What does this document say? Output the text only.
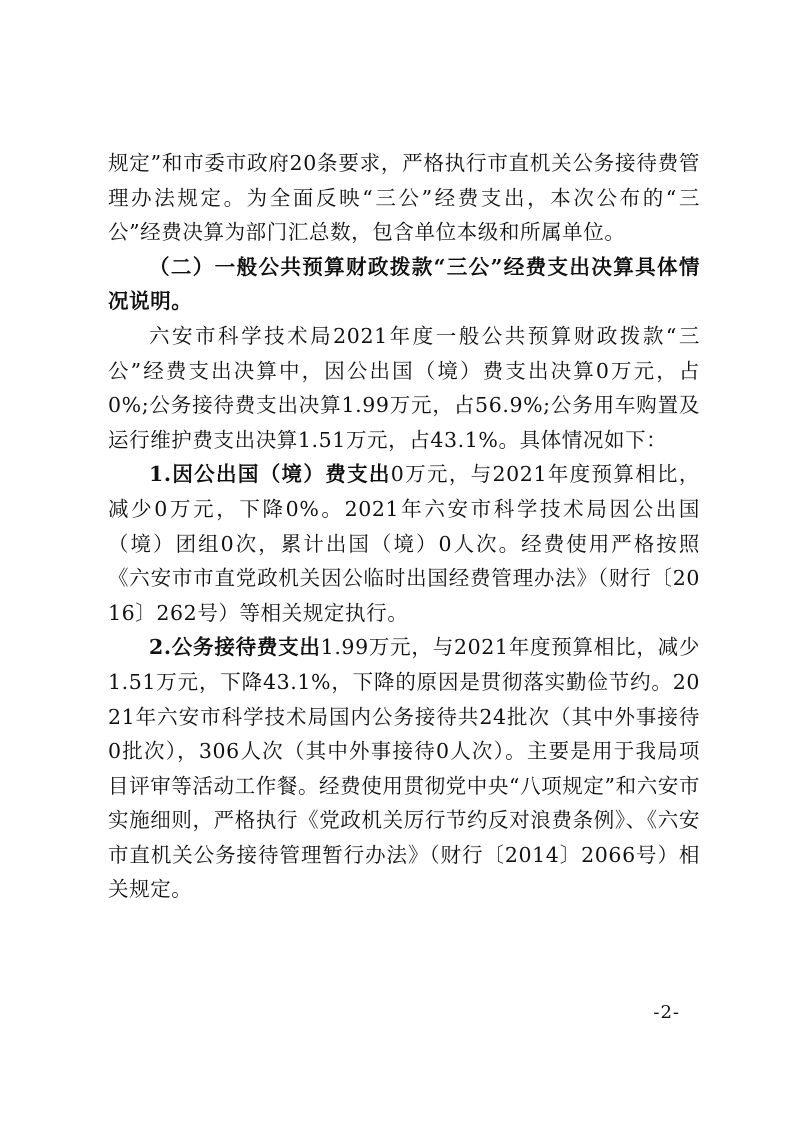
规定”和市委市政府20条要求，严格执行市直机关公务接待费管理办法规定。为全面反映“三公”经费支出，本次公布的“三公”经费决算为部门汇总数，包含单位本级和所属单位。

（二）一般公共预算财政拨款“三公”经费支出决算具体情况说明。

六安市科学技术局2021年度一般公共预算财政拨款“三公”经费支出决算中，因公出国（境）费支出决算0万元，占0%;公务接待费支出决算1.99万元，占56.9%;公务用车购置及运行维护费支出决算1.51万元，占43.1%。具体情况如下：

1.因公出国（境）费支出0万元，与2021年度预算相比，减少0万元，下降0%。2021年六安市科学技术局因公出国（境）团组0次，累计出国（境）0人次。经费使用严格按照《六安市市直党政机关因公临时出国经费管理办法》（财行〔2016〕262号）等相关规定执行。

2.公务接待费支出1.99万元，与2021年度预算相比，减少1.51万元，下降43.1%，下降的原因是贯彻落实勤俭节约。2021年六安市科学技术局国内公务接待共24批次（其中外事接待0批次），306人次（其中外事接待0人次）。主要是用于我局项目评审等活动工作餐。经费使用贯彻党中央“八项规定”和六安市实施细则，严格执行《党政机关厉行节约反对浪费条例》、《六安市直机关公务接待管理暂行办法》（财行〔2014〕2066号）相关规定。

-2-
